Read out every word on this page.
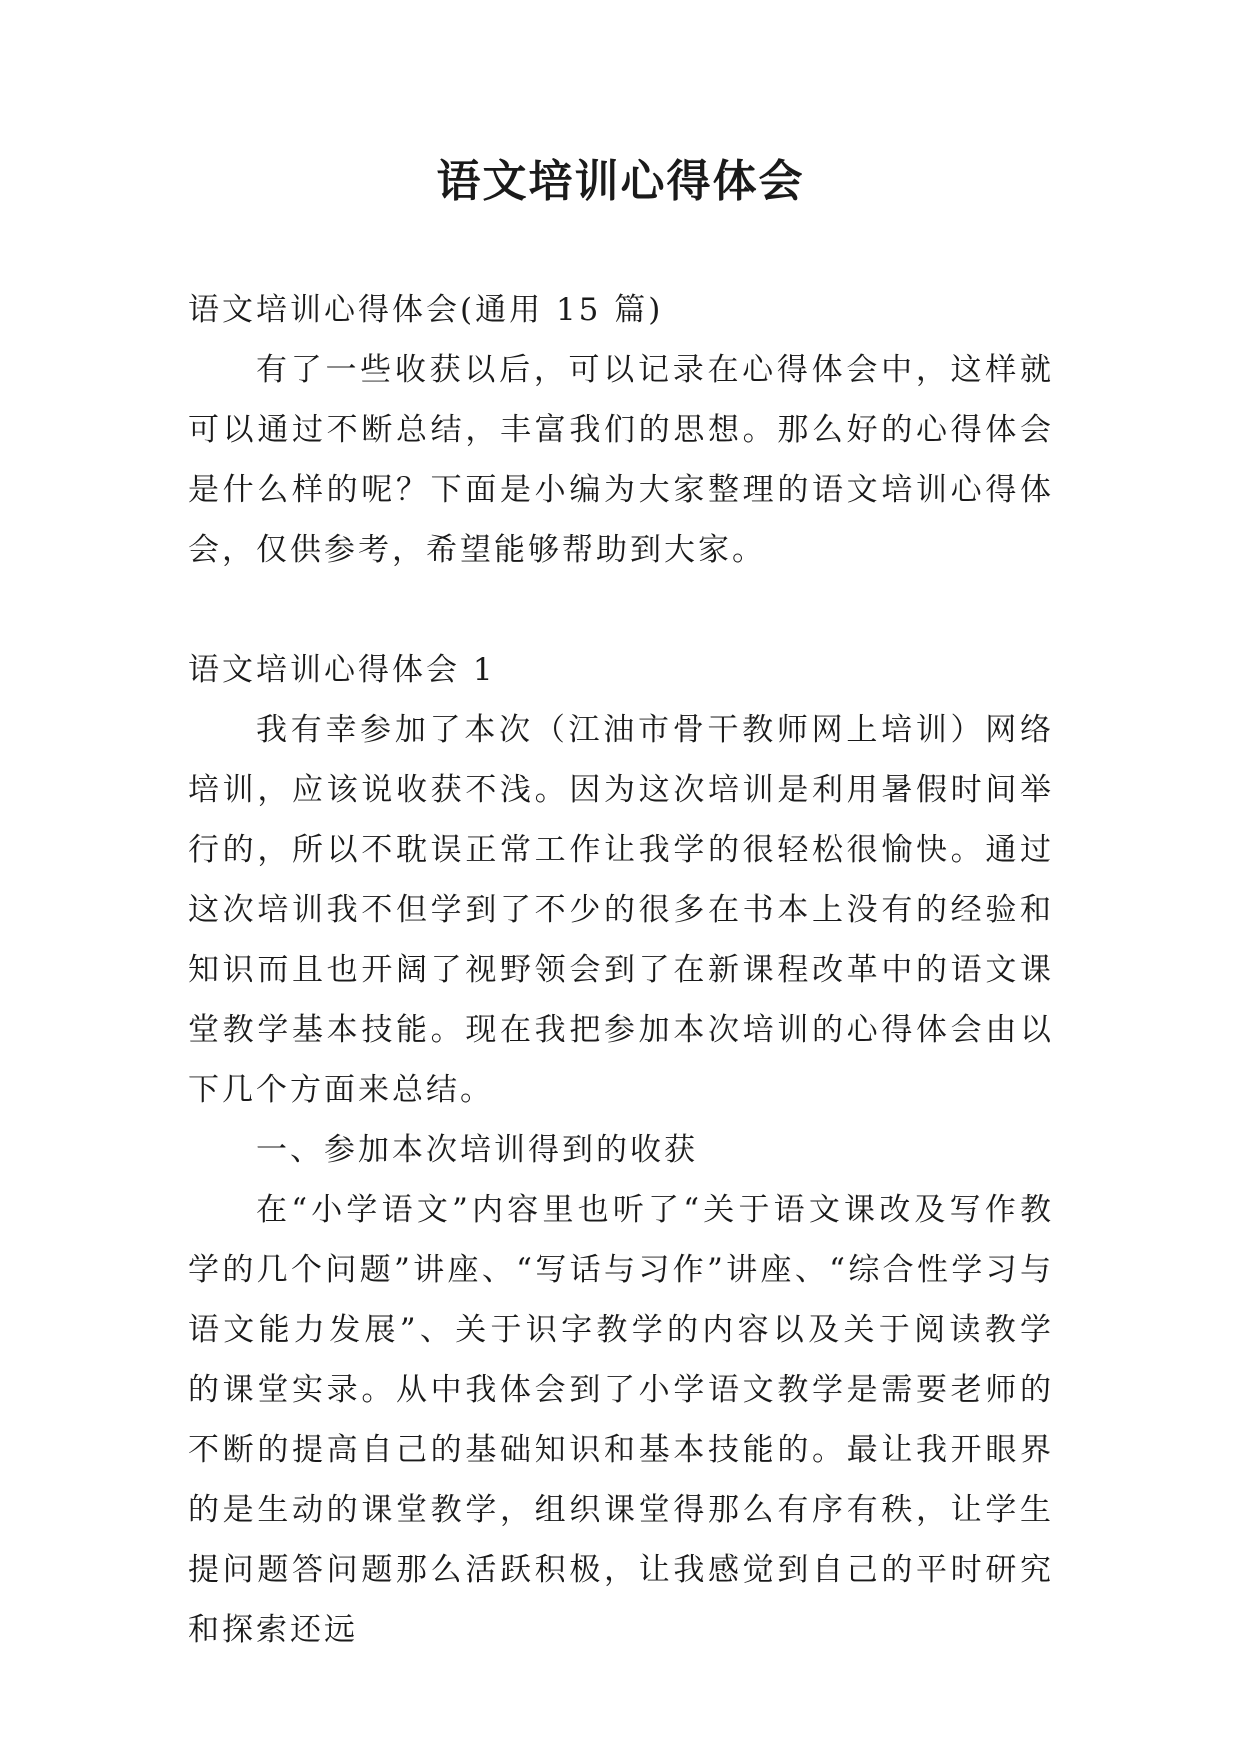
语文培训心得体会

语文培训心得体会(通用 15 篇)

有了一些收获以后，可以记录在心得体会中，这样就可以通过不断总结，丰富我们的思想。那么好的心得体会是什么样的呢？下面是小编为大家整理的语文培训心得体会，仅供参考，希望能够帮助到大家。

语文培训心得体会 1

我有幸参加了本次（江油市骨干教师网上培训）网络培训，应该说收获不浅。因为这次培训是利用暑假时间举行的，所以不耽误正常工作让我学的很轻松很愉快。通过这次培训我不但学到了不少的很多在书本上没有的经验和知识而且也开阔了视野领会到了在新课程改革中的语文课堂教学基本技能。现在我把参加本次培训的心得体会由以下几个方面来总结。

一、参加本次培训得到的收获

在“小学语文”内容里也听了“关于语文课改及写作教学的几个问题”讲座、“写话与习作”讲座、“综合性学习与语文能力发展”、关于识字教学的内容以及关于阅读教学的课堂实录。从中我体会到了小学语文教学是需要老师的不断的提高自己的基础知识和基本技能的。最让我开眼界的是生动的课堂教学，组织课堂得那么有序有秩，让学生提问题答问题那么活跃积极，让我感觉到自己的平时研究和探索还远
